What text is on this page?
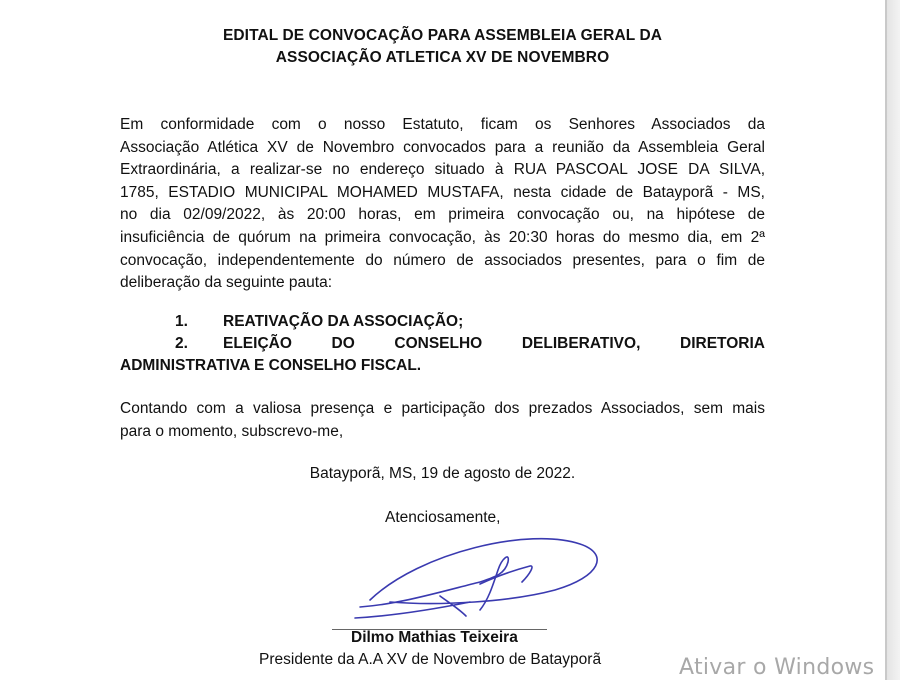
EDITAL DE CONVOCAÇÃO PARA ASSEMBLEIA GERAL DA
ASSOCIAÇÃO ATLETICA XV DE NOVEMBRO
Em conformidade com o nosso Estatuto, ficam os Senhores Associados da
Associação Atlética XV de Novembro convocados para a reunião da Assembleia Geral
Extraordinária, a realizar-se no endereço situado à RUA PASCOAL JOSE DA SILVA,
1785, ESTADIO MUNICIPAL MOHAMED MUSTAFA, nesta cidade de Batayporã - MS,
no dia 02/09/2022, às 20:00 horas, em primeira convocação ou, na hipótese de
insuficiência de quórum na primeira convocação, às 20:30 horas do mesmo dia, em 2ª
convocação, independentemente do número de associados presentes, para o fim de
deliberação da seguinte pauta:
1. REATIVAÇÃO DA ASSOCIAÇÃO;
2.	ELEIÇÃO	DO	CONSELHO	DELIBERATIVO,	DIRETORIA
ADMINISTRATIVA E CONSELHO FISCAL.
Contando com a valiosa presença e participação dos prezados Associados, sem mais
para o momento, subscrevo-me,
Batayporã, MS, 19 de agosto de 2022.
Atenciosamente,
Dilmo Mathias Teixeira
Presidente da A.A XV de Novembro de Batayporã	Ativar o Windows
